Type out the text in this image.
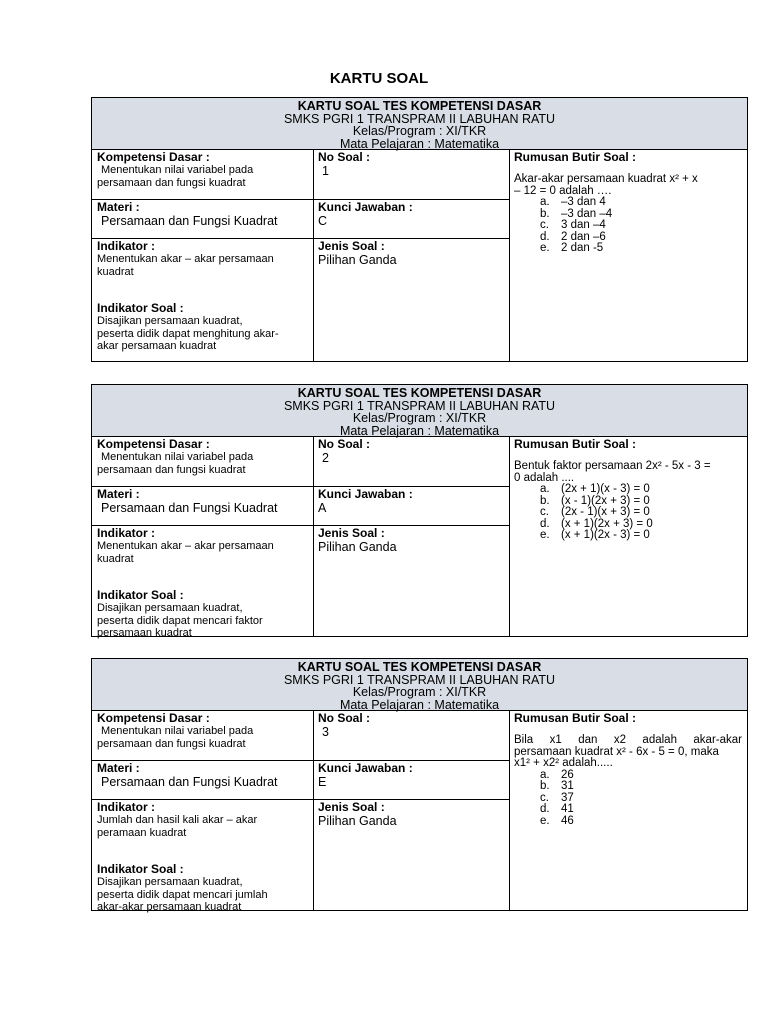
KARTU SOAL
KARTU SOAL TES KOMPETENSI DASAR
SMKS PGRI 1 TRANSPRAM II LABUHAN RATU
Kelas/Program : XI/TKR
Mata Pelajaran : Matematika
Kompetensi Dasar :
Menentukan nilai variabel pada
persamaan dan fungsi kuadrat
Materi :
Persamaan dan Fungsi Kuadrat
Indikator :
Menentukan akar – akar persamaan
kuadrat
Indikator Soal :
Disajikan persamaan kuadrat,
peserta didik dapat menghitung akar-
akar persamaan kuadrat
No Soal :
1
Kunci Jawaban :
C
Jenis Soal :
Pilihan Ganda
Rumusan Butir Soal :
Akar-akar persamaan kuadrat x² + x
– 12 = 0 adalah ….
a. –3 dan 4
b. –3 dan –4
c.	3 dan –4
d. 2 dan –6
e. 2 dan -5
KARTU SOAL TES KOMPETENSI DASAR
SMKS PGRI 1 TRANSPRAM II LABUHAN RATU
Kelas/Program : XI/TKR
Mata Pelajaran : Matematika
Kompetensi Dasar :
Menentukan nilai variabel pada
persamaan dan fungsi kuadrat
Materi :
Persamaan dan Fungsi Kuadrat
Indikator :
Menentukan akar – akar persamaan
kuadrat
Indikator Soal :
Disajikan persamaan kuadrat,
peserta didik dapat mencari faktor
persamaan kuadrat
No Soal :
2
Kunci Jawaban :
A
Jenis Soal :
Pilihan Ganda
Rumusan Butir Soal :
Bentuk faktor persamaan 2x² - 5x - 3 =
0 adalah ....
a. (2x + 1)(x - 3) = 0
b. (x - 1)(2x + 3) = 0
c.	(2x - 1)(x + 3) = 0
d. (x + 1)(2x + 3) = 0
e. (x + 1)(2x - 3) = 0
KARTU SOAL TES KOMPETENSI DASAR
SMKS PGRI 1 TRANSPRAM II LABUHAN RATU
Kelas/Program : XI/TKR
Mata Pelajaran : Matematika
Kompetensi Dasar :
Menentukan nilai variabel pada
persamaan dan fungsi kuadrat
Materi :
Persamaan dan Fungsi Kuadrat
Indikator :
Jumlah dan hasil kali akar – akar
peramaan kuadrat
Indikator Soal :
Disajikan persamaan kuadrat,
peserta didik dapat mencari jumlah
akar-akar persamaan kuadrat
No Soal :
3
Kunci Jawaban :
E
Jenis Soal :
Pilihan Ganda
Rumusan Butir Soal :
Bila x1 dan x2 adalah akar-akar
persamaan kuadrat x² - 6x - 5 = 0, maka
x1² + x2² adalah.....
a. 26
b. 31
c.	37
d. 41
e. 46
